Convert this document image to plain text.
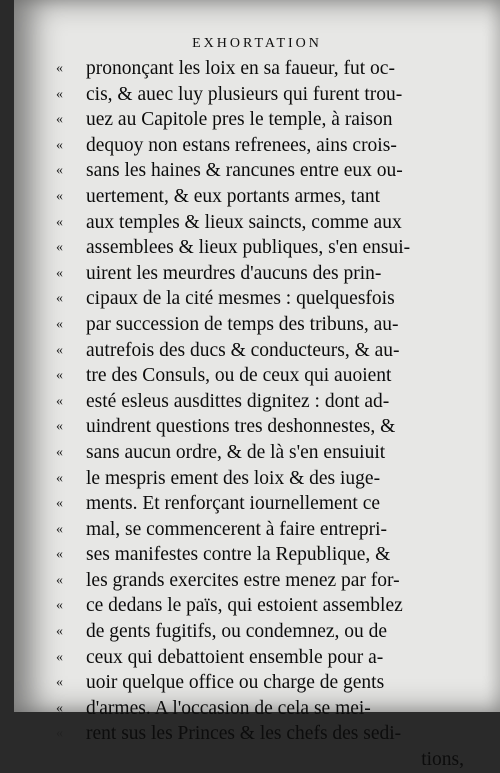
EXHORTATION
« prononçant les loix en sa faueur, fut oc-
« cis, & auec luy plusieurs qui furent trou-
« uez au Capitole pres le temple, à raison
« dequoy non estans refrenees, ains crois-
« sans les haines & rancunes entre eux ou-
« uertement, & eux portants armes, tant
« aux temples & lieux saincts, comme aux
« assemblees & lieux publiques, s'en ensui-
« uirent les meurdres d'aucuns des prin-
« cipaux de la cité mesmes : quelquesfois
« par succession de temps des tribuns, au-
« autrefois des ducs & conducteurs, & au-
« tre des Consuls, ou de ceux qui auoient
« esté esleus ausdittes dignitez : dont ad-
« uindrent questions tres deshonnestes, &
« sans aucun ordre, & de là s'en ensuiuit
« le mespris ement des loix & des iuge-
« ments. Et renforçant iournellement ce
« mal, se commencerent à faire entrepri-
« ses manifestes contre la Republique, &
« les grands exercites estre menez par for-
« ce dedans le païs, qui estoient assemblez
« de gents fugitifs, ou condemnez, ou de
« ceux qui debattoient ensemble pour a-
« uoir quelque office ou charge de gents
« d'armes. A l'occasion de cela se mei-
« rent sus les Princes & les chefs des sedi-
tions,
